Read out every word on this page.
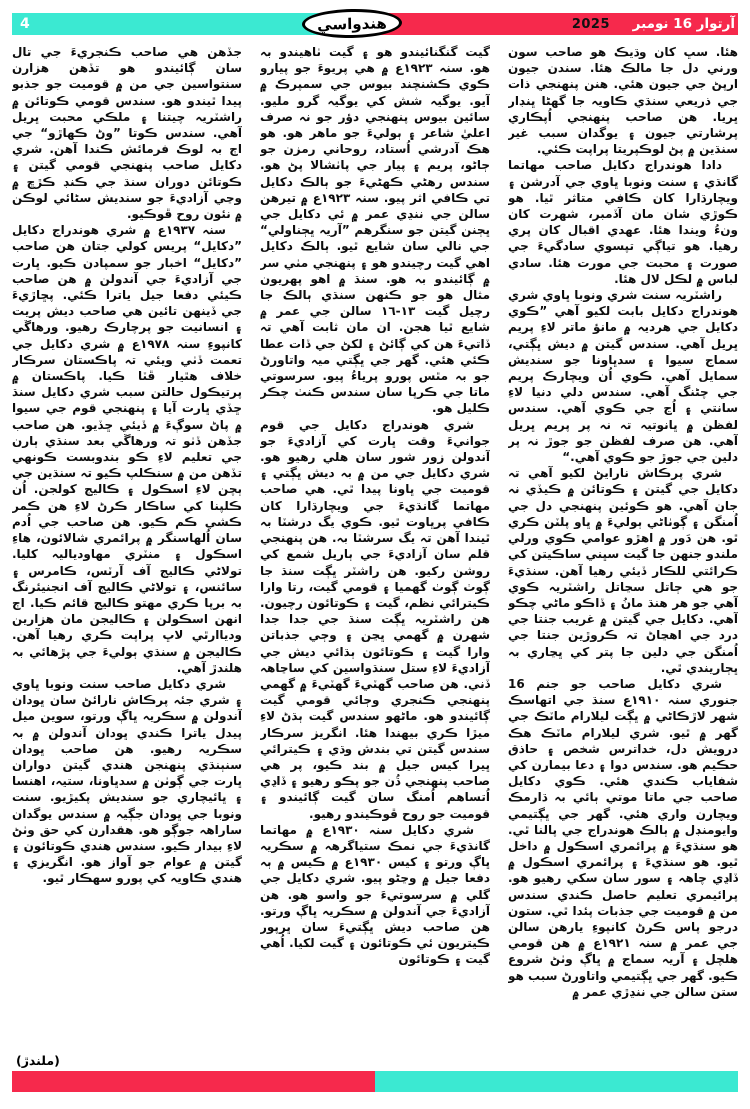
4	2025 آرتوار 16 نومبر
هندواسي

هئا. سڀ کان وڌيڪ هو صاحب سون ورني دل جا مالڪ هئا. سندن جيون ارپڻ جي جيون هئي. هنن پنهنجي ذات جي ذريعي سنڌي ڪاويہ جا گهڻا ڀنڊار ڀريا. هن صاحب پنهنجي اُپڪاري پرشارتي جيون ۽ يوگدان سبب غير سنڌين ۾ پڻ لوڪپريتا پراپت ڪئي.

دادا هوندراج دکايل صاحب مهاتما گانڌي ۽ سنت ونوبا ڀاوي جي آدرشن ۽ ويچارڌارا کان ڪافي متاثر ٿيا. هو ڪوڙي شان مان آڏمبر، شهرت کان ونءُ ويندا هئا. عهدي اقبال کان پري رهيا. هو تياڳي تپسوي سادگيءَ جي صورت ۽ محبت جي مورت هئا. سادي لباس ۾ لڪل لال هئا.

راشٽريہ سنت شري ونوبا ڀاوي شري هوندراج دکايل بابت لکيو آهي ”ڪوي دکايل جي هرديہ ۾ مانؤ ماتر لاءِ پريم ڀريل آهي. سندس گيتن ۾ ديش ڀڳتي، سماج سيوا ۽ سدڀاونا جو سنديش سمايل آهي. ڪوي اُن ويچارڪ پريم جي چڻنگ آهي. سندس دلي دنيا لاءِ سانتي ۽ اُڃ جي ڪوي آهي. سندس لفظن ۾ ڀانوتيہ تہ نہ پر پريم ڀريل آهي. هن صرف لفظن جو جوڙ نہ پر دلين جي جوڙ جو ڪوي آهي.“

شري پرڪاش نارايڻ لکيو آهي تہ دکايل جي گيتن ۽ ڪوتائن ۾ ڪيڏي نہ جان آهي. هو ڪوئين پنهنجي دل جي اُمنگن ۽ ڳوٺاڻي ٻوليءَ ۾ ڀاو پلٽن ڪري ٿو. هن دَور ۾ اهڙو عوامي ڪوي ورلي ملندو جنهن جا گيت سڀني ساڪيتن کي ڪرائتي للڪار ڏيئي رهيا آهن. سنڌيءَ جو هي ڄاتل سڃاتل راشٽريہ ڪوي آهي جو هر هنڌ مانُ ۽ ڏاڪو ماڻي چڪو آهي. دکايل جي گيتن ۾ غريب جنتا جي درد جي اهڃاڻ تہ ڪروڙين جنتا جي اُمنگن جي دلين جا پتر کي ڀڃاري بہ ڀڄاريندي ٿي.

شري دکايل صاحب جو جنم 16 جنوري سنہ ١٩١٠ع سنڌ جي اتهاسڪ شهر لاڙڪاڻي ۾ ڀڳت ليلارام ماٽڪ جي گهر ۾ ٿيو. شري ليلارام ماٽڪ هڪ درويش دل، خداترس شخص ۽ حاذق حڪيم هو. سندس دوا ۽ دعا بيمارن کي شفاياب ڪندي هئي. ڪوي دکايل صاحب جي ماتا موتي ٻائي بہ ڌارمڪ ويچارن واري هئي. گهر جي ڀڳتيمي وايومنڊل ۾ ٻالڪ هوندراج جي پالنا ٿي. هو سنڌيءَ ۾ پرائمري اسڪول ۾ داخل ٿيو. هو سنڌيءَ ۽ پرائمري اسڪول ۾ ڏاڍي چاهہ ۽ سور سان سکي رهيو هو. پرائيمري تعليم حاصل ڪندي سندس من ۾ قوميت جي جذبات پئدا ٿي. ستون درجو پاس ڪرڻ کانپوءِ يارهن سالن جي عمر ۾ سنہ ١٩٢١ع ۾ هن قومي هلچل ۽ آريہ سماج ۾ ڀاڳ وٺڻ شروع ڪيو. گهر جي ڀڳتيمي واتاورڻ سبب هو ستن سالن جي ننڍڙي عمر ۾

گيت گنگنائيندو هو ۽ گيت ٺاهيندو بہ هو. سنہ ١٩٢٣ع ۾ هي پريوءَ جو پيارو ڪوي ڪشنچند بيوس جي سمپرڪ ۾ آيو. يوگيہ شش کي يوگيہ گرو مليو. سائين بيوس پنهنجي دؤر جو نہ صرف اعليٰ شاعر ۽ ٻوليءَ جو ماهر هو. هو هڪ آدرشي اُستاد، روحاني رمزن جو ڄاڻو، پريم ۽ پيار جي پاٺشالا پڻ هو. سندس رهڻي ڪهڻيءَ جو ٻالڪ دکايل تي ڪافي اثر پيو. سنہ ١٩٢٣ع ۾ تيرهن سالن جي ننڍي عمر ۾ ئي دکايل جي ڀڄنن گيتن جو سنگرهم ”آريہ ڀڄناولي“ جي نالي سان شايع ٿيو. ٻالڪ دکايل اهي گيت رچيندو هو ۽ پنهنجي مٺي سر ۾ ڳائيندو بہ هو. سنڌ ۾ اهو پهريون مثال هو جو ڪنهن سنڌي ٻالڪ جا رچيل گيت ١٣-١٦ سالن جي عمر ۾ شايع ٿيا هجن. ان مان ثابت آهي تہ ڏاتيءَ هن کي ڳائڻ ۽ لکڻ جي ڏات عطا ڪئي هئي. گهر جي ڀڳتي ميہ واتاورڻ جو بہ مٿس پورو پرياءُ پيو. سرسوتي ماتا جي ڪرپا سان سندس ڪنٺ چڪر ڪليل هو.

شري هوندراج دکايل جي قوم جوانيءَ وقت ڀارت کي آزاديءَ جو آندولن زور شور سان هلي رهيو هو. شري دکايل جي من ۾ بہ ديش ڀڳتي ۽ قوميت جي ڀاونا پيدا ٿي. هي صاحب مهاتما گانڌيءَ جي ويچارڌارا کان ڪافي پرڀاوت ٿيو. ڪوي يگ درشٽا بہ ٿيندا آهن تہ يگ سرشٽا بہ. هن پنهنجي قلم سان آزاديءَ جي ٻاريل شمع کي روشن رکيو. هن راشٽر ڀڳت سنڌ جا ڳوٺ ڳوٺ گهميا ۽ قومي گيت، رتا وارا ڪيترائي نظم، گيت ۽ ڪوتائون رچيون. هن راشٽريہ ڀڳت سنڌ جي جدا جدا شهرن ۾ گهمي ڀڃن ۽ وڄي جذباتن وارا گيت ۽ ڪوتائون ٻڌائي ديش جي آزاديءَ لاءِ ستل سنڌواسين کي ساڃاهہ ڏني. هن صاحب گهٽيءَ گهٽيءَ ۾ گهمي پنهنجي ڪنجري وڄائي قومي گيت ڳائيندو هو. ماڻهو سندس گيت ٻڌڻ لاءِ ميڙا ڪري بيهندا هئا. انگريز سرڪار سندس گيتن تي بندش وڌي ۽ ڪيترائي ڀيرا کيس جيل ۾ بند ڪيو، پر هي صاحب پنهنجي ڌُن جو پڪو رهيو ۽ ڏاڍي اُتساهم اُمنگ سان گيت ڳائيندو ۽ قوميت جو روح ڦوڪيندو رهيو.

شري دکايل سنہ ١٩٣٠ع ۾ مهاتما گانڌيءَ جي نمڪ ستياگرهہ ۾ سڪريہ ڀاڳ ورتو ۽ کيس ١٩٣٠ع ۾ ڪيس ۾ ٻہ دفعا جيل ۾ وڃڻو پيو. شري دکايل جي گلي ۾ سرسوتيءَ جو واسو هو. هن آزاديءَ جي آندولن ۾ سڪريہ ڀاڳ ورتو. هن صاحب ديش ڀڳتيءَ سان ڀرپور ڪيتريون ئي ڪوتائون ۽ گيت لکيا. اُهي گيت ۽ ڪوتائون

جڏهن هي صاحب ڪنجريءَ جي تال سان ڳائيندو هو تڏهن هزارن سنتواسين جي من ۾ قوميت جو جذبو پيدا ٿيندو هو. سندس قومي ڪوتائن ۾ راشٽريہ چيتنا ۽ ملڪي محبت ڀريل آهي. سندس ڪوتا ”وڻ ڪهاڙو“ جي اڄ بہ لوڪ فرمائش ڪندا آهن. شري دکايل صاحب پنهنجي قومي گيتن ۽ ڪوتائن دوران سنڌ جي ڪنڊ ڪڙڇ ۾ وڃي آزاديءَ جو سنديش سڻائي لوڪن ۾ نئون روح ڦوڪيو.

سنہ ١٩٣٧ع ۾ شري هوندراج دکايل ”دکايل“ پريس کولي جتان هن صاحب ”دکايل“ اخبار جو سمپادن ڪيو. ڀارت جي آزاديءَ جي آندولن ۾ هن صاحب ڪيئي دفعا جيل ياترا ڪئي. پڇاڙيءَ جي ڏينهن تائين هي صاحب ديش پريت ۽ انسانيت جو پرچارڪ رهيو. ورهاڱي کانپوءِ سنہ ١٩٧٨ع ۾ شري دکايل جي تعمت ڏٺي ويئي تہ پاڪستان سرڪار خلاف هٿيار ڦٽا ڪيا. پاڪستان ۾ پرتيڪول حالتن سبب شري دکايل سنڌ ڇڏي ڀارت آيا ۽ پنهنجي قوم جي سيوا ۾ پاڻ سوڳءَ ۾ ڏيئي ڇڏيو. هن صاحب جڏهن ڏٺو تہ ورهاڱي بعد سنڌي ٻارن جي تعليم لاءِ ڪو بندوبست ڪونهي تڏهن من ۾ سنڪلپ ڪيو تہ سنڌين جي ٻچن لاءِ اسڪول ۽ ڪاليج کولجن. اُن ڪلپنا کي ساڪار ڪرڻ لاءِ هن ڪمر ڪشي ڪم ڪيو. هن صاحب جي اُدم سان اُلهاسنگر ۾ پرائمري شالائون، هاءِ اسڪول ۽ منٽري مهاوديالیہ کليا. تولاڻي ڪاليج آف آرٽس، ڪامرس ۽ سائنس، ۽ تولاڻي ڪاليج آف انجنيئرنگ بہ برپا ڪري مهتو ڪاليج قائم ڪيا. اڄ انهن اسڪولن ۽ ڪاليجن مان هزارين ودياارٿي لاڀ پراپت ڪري رهيا آهن. ڪاليجن ۾ سنڌي ٻوليءَ جي پڙهائي بہ هلندڙ آهي.

شري دکايل صاحب سنت ونوبا ڀاوي ۽ شري جئہ پرڪاش نارائڻ سان ڀودان آندولن ۾ سڪريہ ڀاڳ ورتو، سوين ميل پيدل ياترا ڪندي ڀودان آندولن ۾ بہ سڪريہ رهيو. هن صاحب ڀودان سنٻنڌي پنهنجن هندي گيتن دواران ڀارت جي ڳوٺن ۾ سدڀاونا، ستيہ، اهنسا ۽ ڀائيچاري جو سنديش پکيڙيو. سنت ونوبا جي ڀودان جڳيہ ۾ سندس يوگدان ساراهہ جوڳو هو. هقدارن کي حق وٺڻ لاءِ بيدار ڪيو. سندس هندي ڪوتائون ۽ گيتن ۾ عوام جو آواز هو. انگريزي ۽ هندي ڪاويہ کي پورو سهڪار ٿيو.

(ملندڙ)
